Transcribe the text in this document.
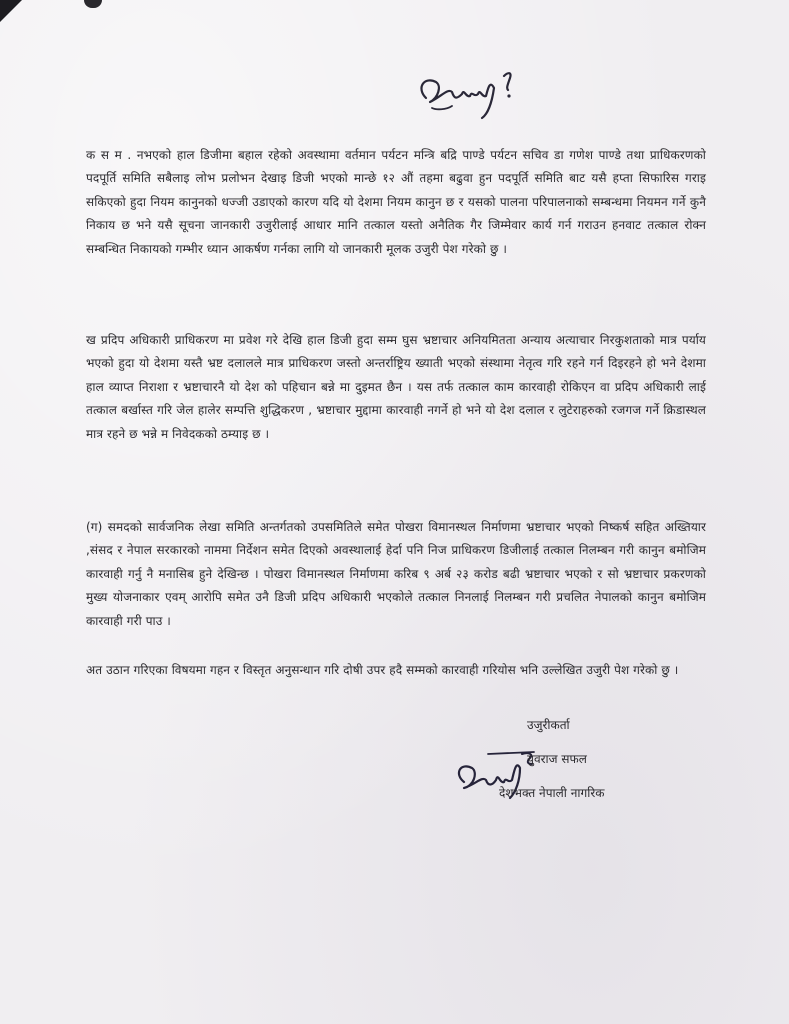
क स म . नभएको हाल डिजीमा बहाल रहेको अवस्थामा वर्तमान पर्यटन मन्त्रि बद्रि पाण्डे पर्यटन सचिव डा गणेश पाण्डे तथा प्राधिकरणको पदपूर्ति समिति सबैलाइ लोभ प्रलोभन देखाइ डिजी भएको मान्छे १२ औं तहमा बढुवा हुन पदपूर्ति समिति बाट यसै हप्ता सिफारिस गराइ सकिएको हुदा नियम कानुनको धज्जी उडाएको कारण यदि यो देशमा नियम कानुन छ र यसको पालना परिपालनाको सम्बन्धमा नियमन गर्ने कुनै निकाय छ भने यसै सूचना जानकारी उजुरीलाई आधार मानि तत्काल यस्तो अनैतिक गैर जिम्मेवार कार्य गर्न गराउन हनवाट तत्काल रोक्न सम्बन्धित निकायको गम्भीर ध्यान आकर्षण गर्नका लागि यो जानकारी मूलक उजुरी पेश गरेको छु ।

ख प्रदिप अधिकारी प्राधिकरण मा प्रवेश गरे देखि हाल डिजी हुदा सम्म घुस भ्रष्टाचार अनियमितता अन्याय अत्याचार निरकुशताको मात्र पर्याय भएको हुदा यो देशमा यस्तै भ्रष्ट दलालले मात्र प्राधिकरण जस्तो अन्तर्राष्ट्रिय ख्याती भएको संस्थामा नेतृत्व गरि रहने गर्न दिइरहने हो भने देशमा हाल व्याप्त निराशा र भ्रष्टाचारनै यो देश को पहिचान बन्ने मा दुइमत छैन । यस तर्फ तत्काल काम कारवाही रोकिएन वा प्रदिप अधिकारी लाई तत्काल बर्खास्त गरि जेल हालेर सम्पत्ति शुद्धिकरण , भ्रष्टाचार मुद्दामा कारवाही नगर्ने हो भने यो देश दलाल र लुटेराहरुको रजगज गर्ने क्रिडास्थल मात्र रहने छ भन्ने म निवेदकको ठम्याइ छ ।

(ग) समदको सार्वजनिक लेखा समिति अन्तर्गतको उपसमितिले समेत पोखरा विमानस्थल निर्माणमा भ्रष्टाचार भएको निष्कर्ष सहित अख्तियार ,संसद र नेपाल सरकारको नाममा निर्देशन समेत दिएको अवस्थालाई हेर्दा पनि निज प्राधिकरण डिजीलाई तत्काल निलम्बन गरी कानुन बमोजिम कारवाही गर्नु नै मनासिब हुने देखिन्छ । पोखरा विमानस्थल निर्माणमा करिब ९ अर्ब २३ करोड बढी भ्रष्टाचार भएको र सो भ्रष्टाचार प्रकरणको मुख्य योजनाकार एवम् आरोपि समेत उनै डिजी प्रदिप अधिकारी भएकोले तत्काल निनलाई निलम्बन गरी प्रचलित नेपालको कानुन बमोजिम कारवाही गरी पाउ ।

अत उठान गरिएका विषयमा गहन र विस्तृत अनुसन्धान गरि दोषी उपर हदै सम्मको कारवाही गरियोस भनि उल्लेखित उजुरी पेश गरेको छु ।

उजुरीकर्ता
युवराज सफल
देशभक्त नेपाली नागरिक
